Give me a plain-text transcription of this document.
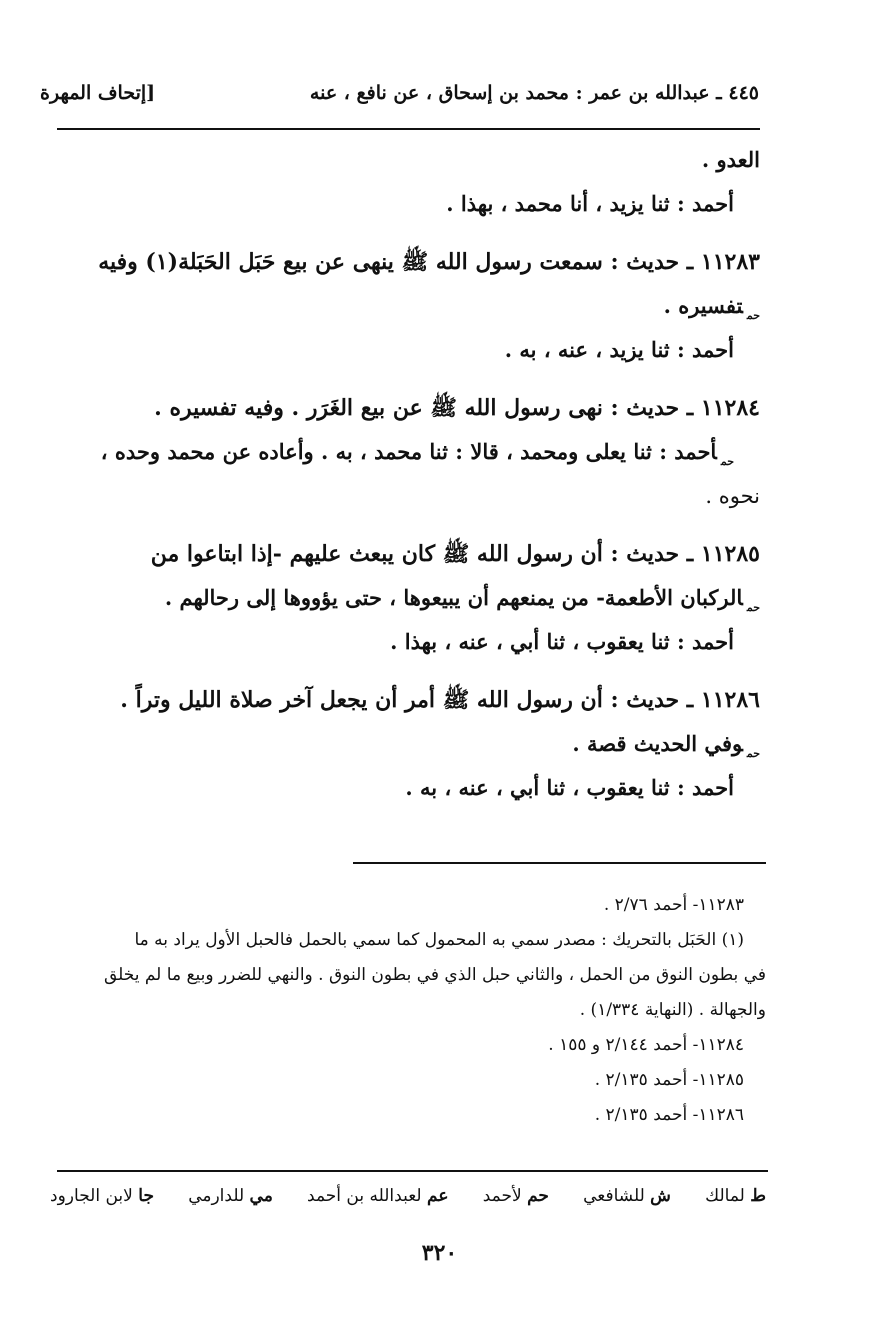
٤٤٥ ـ عبدالله بن عمر : محمد بن إسحاق ، عن نافع ، عنه
[إتحاف المهرة
العدو .
أحمد : ثنا يزيد ، أنا محمد ، بهذا .
١١٢٨٣ ـ حديث : سمعت رسول الله ﷺ ينهى عن بيع حَبَل الحَبَلة(١) وفيه
$^{حم}$تفسيره .
أحمد : ثنا يزيد ، عنه ، به .
١١٢٨٤ ـ حديث : نهى رسول الله ﷺ عن بيع الغَرَر . وفيه تفسيره .
$^{حم}$أحمد : ثنا يعلى ومحمد ، قالا : ثنا محمد ، به . وأعاده عن محمد وحده ،
نحوه .
١١٢٨٥ ـ حديث : أن رسول الله ﷺ كان يبعث عليهم -إذا ابتاعوا من
$^{حم}$الركبان الأطعمة- من يمنعهم أن يبيعوها ، حتى يؤووها إلى رحالهم .
أحمد : ثنا يعقوب ، ثنا أبي ، عنه ، بهذا .
١١٢٨٦ ـ حديث : أن رسول الله ﷺ أمر أن يجعل آخر صلاة الليل وتراً .
$^{حم}$وفي الحديث قصة .
أحمد : ثنا يعقوب ، ثنا أبي ، عنه ، به .
١١٢٨٣- أحمد ٢/٧٦ .
(١) الحَبَل بالتحريك : مصدر سمي به المحمول كما سمي بالحمل فالحبل الأول يراد به ما
في بطون النوق من الحمل ، والثاني حبل الذي في بطون النوق . والنهي للضرر وبيع ما لم يخلق
والجهالة . (النهاية ١/٣٣٤) .
١١٢٨٤- أحمد ٢/١٤٤ و ١٥٥ .
١١٢٨٥- أحمد ٢/١٣٥ .
١١٢٨٦- أحمد ٢/١٣٥ .
ط لمالك
ش للشافعي
حم لأحمد
عم لعبدالله بن أحمد
مي للدارمي
جا لابن الجارود
٣٢٠
